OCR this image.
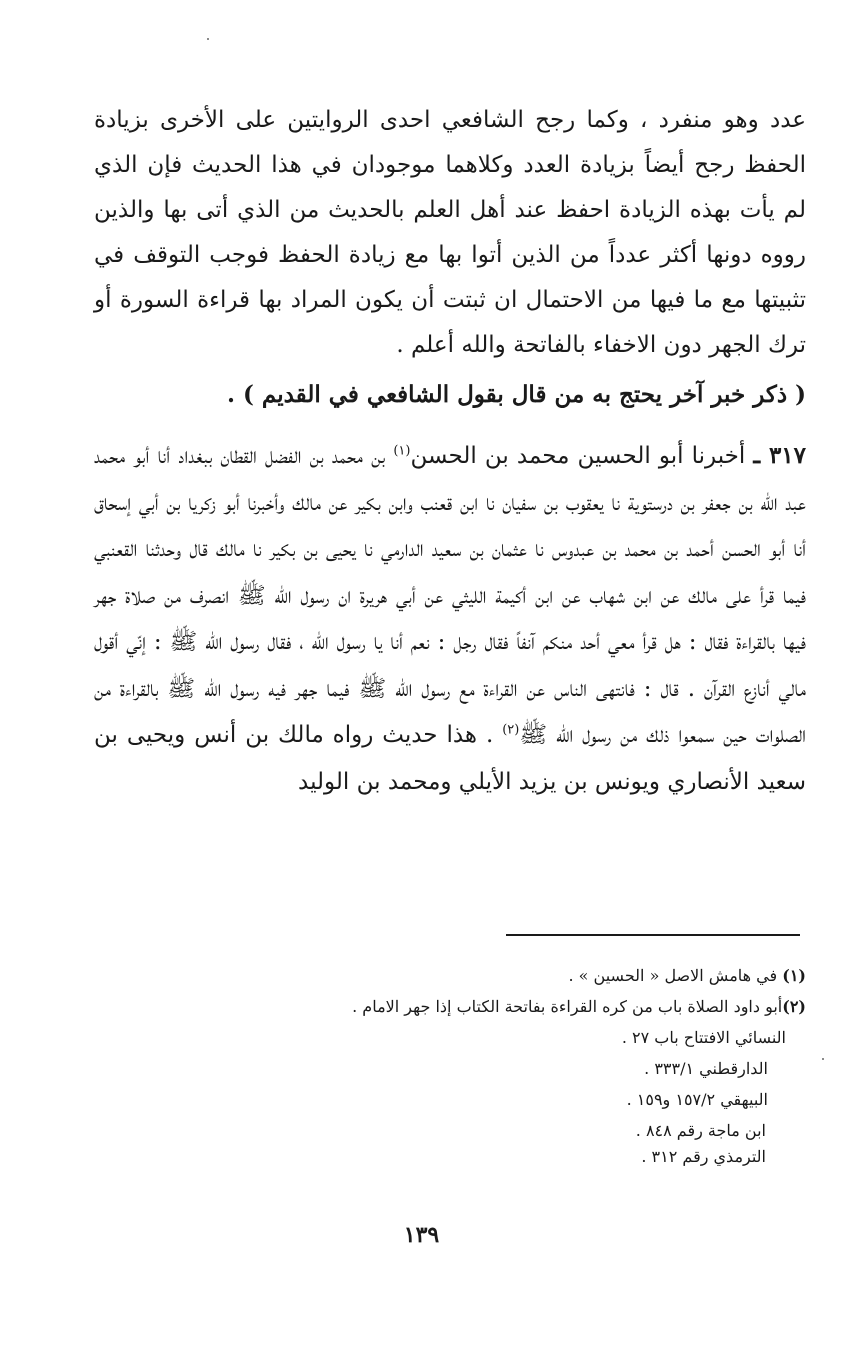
عدد وهو منفرد ، وكما رجح الشافعي احدى الروايتين على الأخرى بزيادة الحفظ رجح أيضاً بزيادة العدد وكلاهما موجودان في هذا الحديث فإن الذي لم يأت بهذه الزيادة احفظ عند أهل العلم بالحديث من الذي أتى بها والذين رووه دونها أكثر عدداً من الذين أتوا بها مع زيادة الحفظ فوجب التوقف في تثبيتها مع ما فيها من الاحتمال ان ثبتت أن يكون المراد بها قراءة السورة أو ترك الجهر دون الاخفاء بالفاتحة والله أعلم .

( ذكر خبر آخر يحتج به من قال بقول الشافعي في القديم ) .

٣١٧ ـ أخبرنا أبو الحسين محمد بن الحسن$^{(١)}$ بن محمد بن الفضل القطان ببغداد أنا أبو محمد عبد الله بن جعفر بن درستوية نا يعقوب بن سفيان نا ابن قعنب وابن بكير عن مالك وأخبرنا أبو زكريا بن أبي إسحاق أنا أبو الحسن أحمد بن محمد بن عبدوس نا عثمان بن سعيد الدارمي نا يحيى بن بكير نا مالك قال وحدثنا القعنبي فيما قرأ على مالك عن ابن شهاب عن ابن أكيمة الليثي عن أبي هريرة ان رسول الله ﷺ انصرف من صلاة جهر فيها بالقراءة فقال : هل قرأ معي أحد منكم آنفاً فقال رجل : نعم أنا يا رسول الله ، فقال رسول الله ﷺ : إنّي أقول مالي أنازع القرآن . قال : فانتهى الناس عن القراءة مع رسول الله ﷺ فيما جهر فيه رسول الله ﷺ بالقراءة من الصلوات حين سمعوا ذلك من رسول الله ﷺ$^{(٢)}$ . هذا حديث رواه مالك بن أنس ويحيى بن سعيد الأنصاري ويونس بن يزيد الأيلي ومحمد بن الوليد

(١) في هامش الاصل « الحسين » .
(٢)أبو داود الصلاة باب من كره القراءة بفاتحة الكتاب إذا جهر الامام .
النسائي الافتتاح باب ٢٧ .
الدارقطني ٣٣٣/١ .
البيهقي ١٥٧/٢ و١٥٩ .
ابن ماجة رقم ٨٤٨ .
الترمذي رقم ٣١٢ .
١٣٩
